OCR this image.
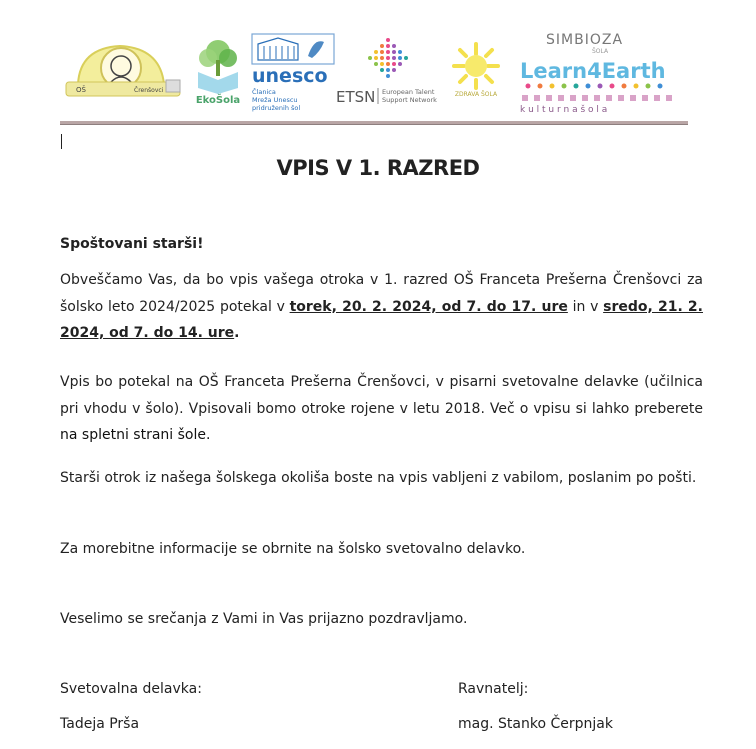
OŠ	Črenšovci
EkoŠola
unesco
Članica
Mreža Unescu
pridruženih šol
ETSN European Talent
Support Network
ZDRAVA ŠOLA
SIMBIOZA
ŠOLA
Learn4Earth
k u l t u r n a š o l a
VPIS V 1. RAZRED
Spoštovani starši!
Obveščamo Vas, da bo vpis vašega otroka v 1. razred OŠ Franceta Prešerna Črenšovci za šolsko leto 2024/2025 potekal v torek, 20. 2. 2024, od 7. do 17. ure in v sredo, 21. 2. 2024, od 7. do 14. ure.
Vpis bo potekal na OŠ Franceta Prešerna Črenšovci, v pisarni svetovalne delavke (učilnica pri vhodu v šolo). Vpisovali bomo otroke rojene v letu 2018. Več o vpisu si lahko preberete na spletni strani šole.
Starši otrok iz našega šolskega okoliša boste na vpis vabljeni z vabilom, poslanim po pošti.
Za morebitne informacije se obrnite na šolsko svetovalno delavko.
Veselimo se srečanja z Vami in Vas prijazno pozdravljamo.
Svetovalna delavka:
Tadeja Prša
Ravnatelj:
mag. Stanko Čerpnjak
